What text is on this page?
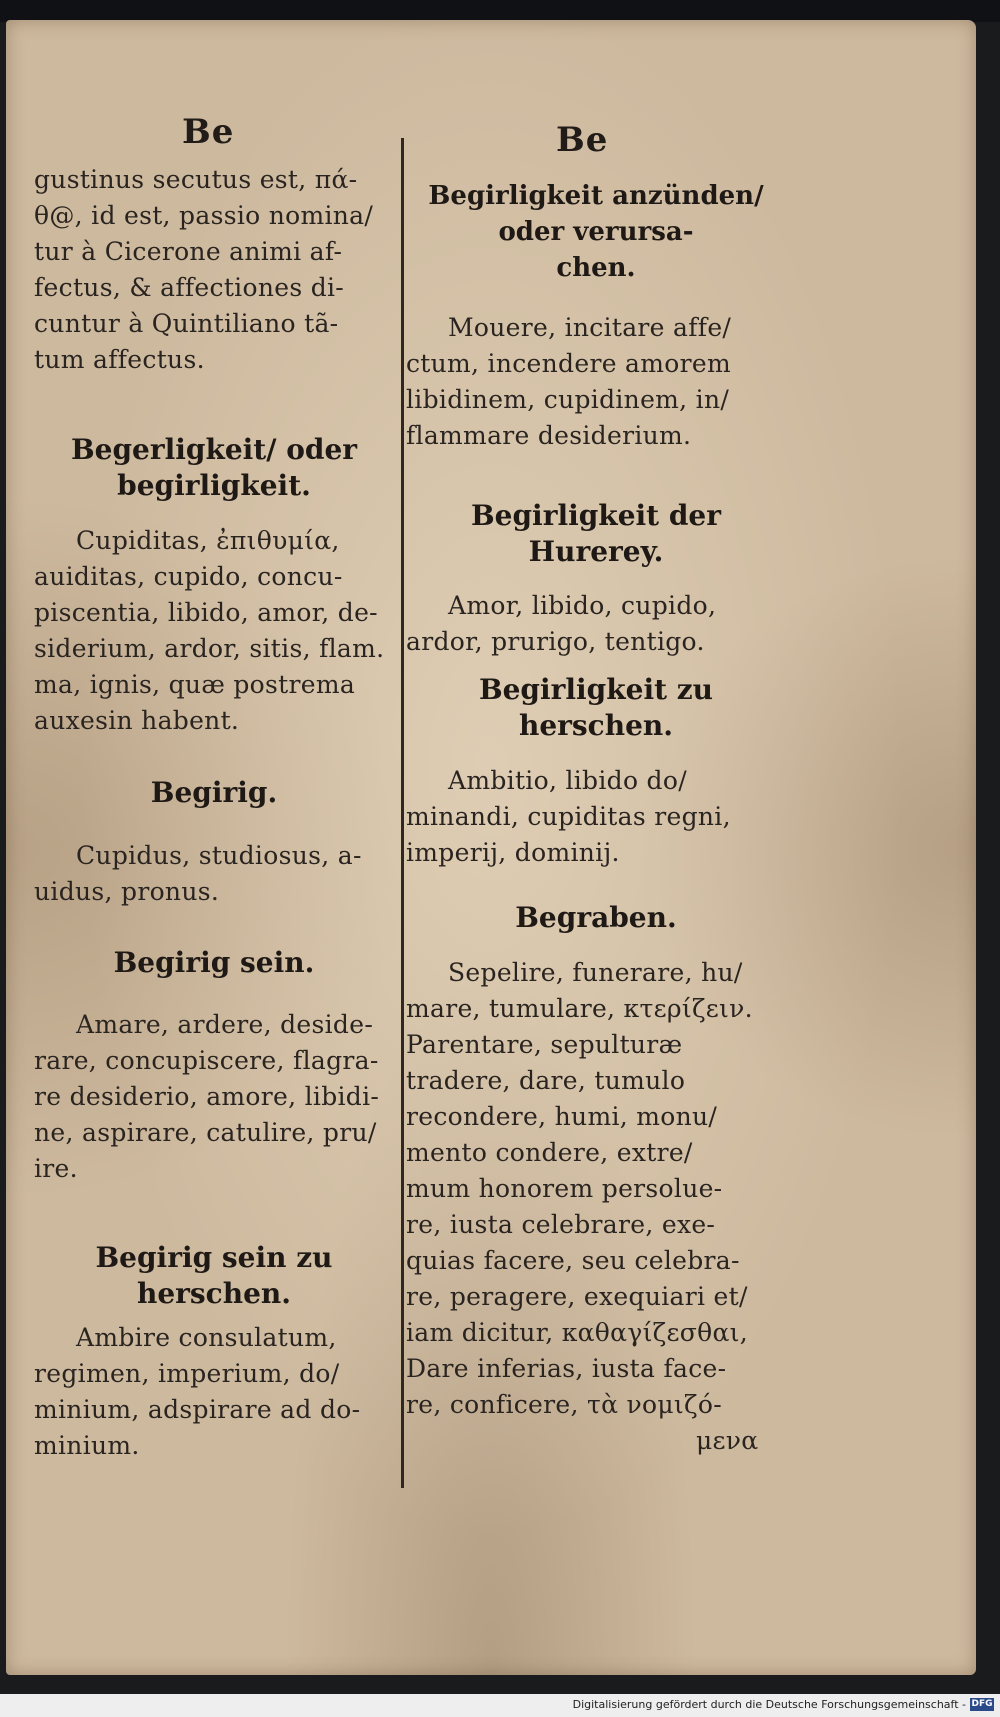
Be
gustinus secutus est, πά-
θ@, id est, passio nomina/
tur à Cicerone animi af-
fectus, & affectiones di-
cuntur à Quintiliano tã-
tum affectus.
Begerligkeit/ oder
begirligkeit.
Cupiditas, ἐπιθυμία,
auiditas, cupido, concu-
piscentia, libido, amor, de-
siderium, ardor, sitis, flam.
ma, ignis, quæ postrema
auxesin habent.
Begirig.
Cupidus, studiosus, a-
uidus, pronus.
Begirig sein.
Amare, ardere, deside-
rare, concupiscere, flagra-
re desiderio, amore, libidi-
ne, aspirare, catulire, pru/
ire.
Begirig sein zu
herschen.
Ambire consulatum,
regimen, imperium, do/
minium, adspirare ad do-
minium.
Be
Begirligkeit anzünden/
oder verursa-
chen.
Mouere, incitare affe/
ctum, incendere amorem
libidinem, cupidinem, in/
flammare desiderium.
Begirligkeit der
Hurerey.
Amor, libido, cupido,
ardor, prurigo, tentigo.
Begirligkeit zu
herschen.
Ambitio, libido do/
minandi, cupiditas regni,
imperij, dominij.
Begraben.
Sepelire, funerare, hu/
mare, tumulare, κτερίζειν.
Parentare, sepulturæ
tradere, dare, tumulo
recondere, humi, monu/
mento condere, extre/
mum honorem persolue-
re, iusta celebrare, exe-
quias facere, seu celebra-
re, peragere, exequiari et/
iam dicitur, καθαγίζεσθαι,
Dare inferias, iusta face-
re, conficere, τὰ νομιζό-
μενα
Digitalisierung gefördert durch die Deutsche Forschungsgemeinschaft - DFG
